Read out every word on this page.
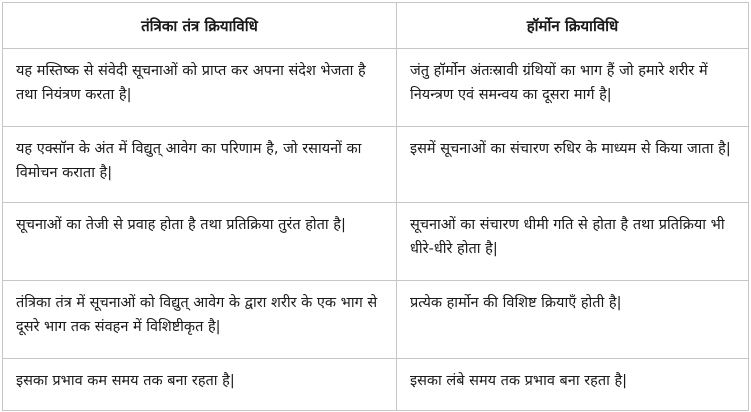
तंत्रिका तंत्र क्रियाविधि	हॉर्मोन क्रियाविधि
यह मस्तिष्क से संवेदी सूचनाओं को प्राप्त कर अपना संदेश भेजता है तथा नियंत्रण करता है|	जंतु हॉर्मोन अंतःस्रावी ग्रंथियों का भाग हैं जो हमारे शरीर में नियन्त्रण एवं समन्वय का दूसरा मार्ग है|
यह एक्सॉन के अंत में विद्युत् आवेग का परिणाम है, जो रसायनों का विमोचन कराता है|	इसमें सूचनाओं का संचारण रुधिर के माध्यम से किया जाता है|
सूचनाओं का तेजी से प्रवाह होता है तथा प्रतिक्रिया तुरंत होता है|	सूचनाओं का संचारण धीमी गति से होता है तथा प्रतिक्रिया भी धीरे-धीरे होता है|
तंत्रिका तंत्र में सूचनाओं को विद्युत् आवेग के द्वारा शरीर के एक भाग से दूसरे भाग तक संवहन में विशिष्टीकृत है|	प्रत्येक हार्मोन की विशिष्ट क्रियाएँ होती है|
इसका प्रभाव कम समय तक बना रहता है|	इसका लंबे समय तक प्रभाव बना रहता है|
